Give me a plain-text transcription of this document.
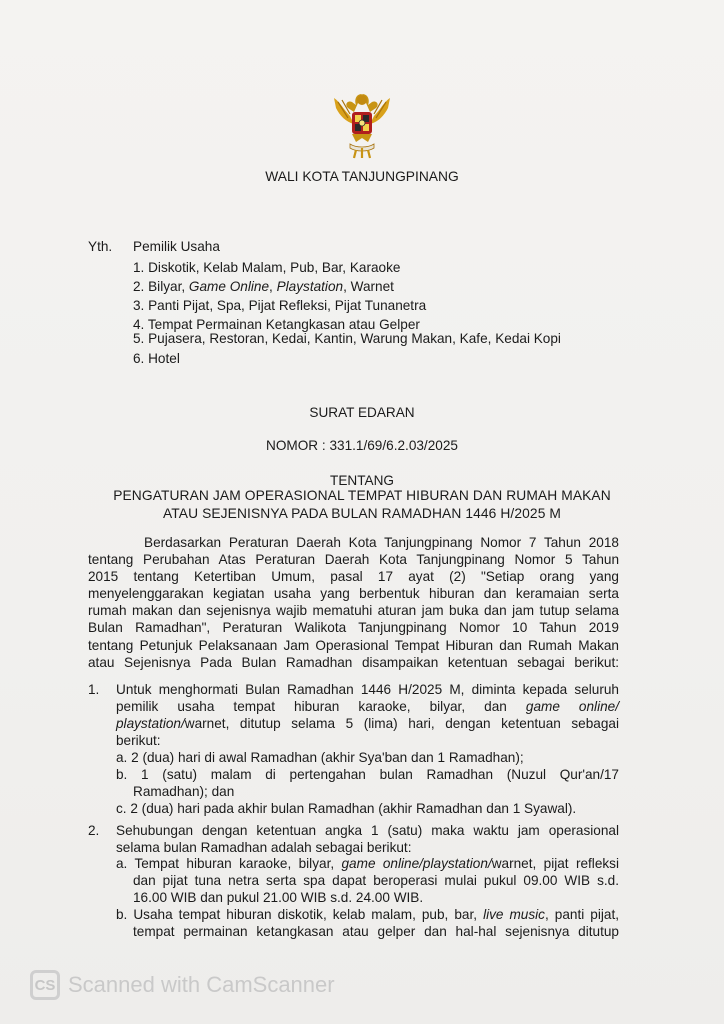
WALI KOTA TANJUNGPINANG
Yth. Pemilik Usaha
1. Diskotik, Kelab Malam, Pub, Bar, Karaoke
2. Bilyar, Game Online, Playstation, Warnet
3. Panti Pijat, Spa, Pijat Refleksi, Pijat Tunanetra
4. Tempat Permainan Ketangkasan atau Gelper
5. Pujasera, Restoran, Kedai, Kantin, Warung Makan, Kafe, Kedai Kopi
6. Hotel
SURAT EDARAN
NOMOR : 331.1/69/6.2.03/2025
TENTANG
PENGATURAN JAM OPERASIONAL TEMPAT HIBURAN DAN RUMAH MAKAN
ATAU SEJENISNYA PADA BULAN RAMADHAN 1446 H/2025 M
Berdasarkan Peraturan Daerah Kota Tanjungpinang Nomor 7 Tahun 2018
tentang Perubahan Atas Peraturan Daerah Kota Tanjungpinang Nomor 5 Tahun
2015 tentang Ketertiban Umum, pasal 17 ayat (2) "Setiap orang yang
menyelenggarakan kegiatan usaha yang berbentuk hiburan dan keramaian serta
rumah makan dan sejenisnya wajib mematuhi aturan jam buka dan jam tutup selama
Bulan Ramadhan", Peraturan Walikota Tanjungpinang Nomor 10 Tahun 2019
tentang Petunjuk Pelaksanaan Jam Operasional Tempat Hiburan dan Rumah Makan
atau Sejenisnya Pada Bulan Ramadhan disampaikan ketentuan sebagai berikut:
1. Untuk menghormati Bulan Ramadhan 1446 H/2025 M, diminta kepada seluruh
pemilik usaha tempat hiburan karaoke, bilyar, dan game online/
playstation/warnet, ditutup selama 5 (lima) hari, dengan ketentuan sebagai
berikut:
a. 2 (dua) hari di awal Ramadhan (akhir Sya'ban dan 1 Ramadhan);
b. 1 (satu) malam di pertengahan bulan Ramadhan (Nuzul Qur'an/17
Ramadhan); dan
c. 2 (dua) hari pada akhir bulan Ramadhan (akhir Ramadhan dan 1 Syawal).
2. Sehubungan dengan ketentuan angka 1 (satu) maka waktu jam operasional
selama bulan Ramadhan adalah sebagai berikut:
a. Tempat hiburan karaoke, bilyar, game online/playstation/warnet, pijat refleksi
dan pijat tuna netra serta spa dapat beroperasi mulai pukul 09.00 WIB s.d.
16.00 WIB dan pukul 21.00 WIB s.d. 24.00 WIB.
b. Usaha tempat hiburan diskotik, kelab malam, pub, bar, live music, panti pijat,
tempat permainan ketangkasan atau gelper dan hal-hal sejenisnya ditutup
CS Scanned with CamScanner
